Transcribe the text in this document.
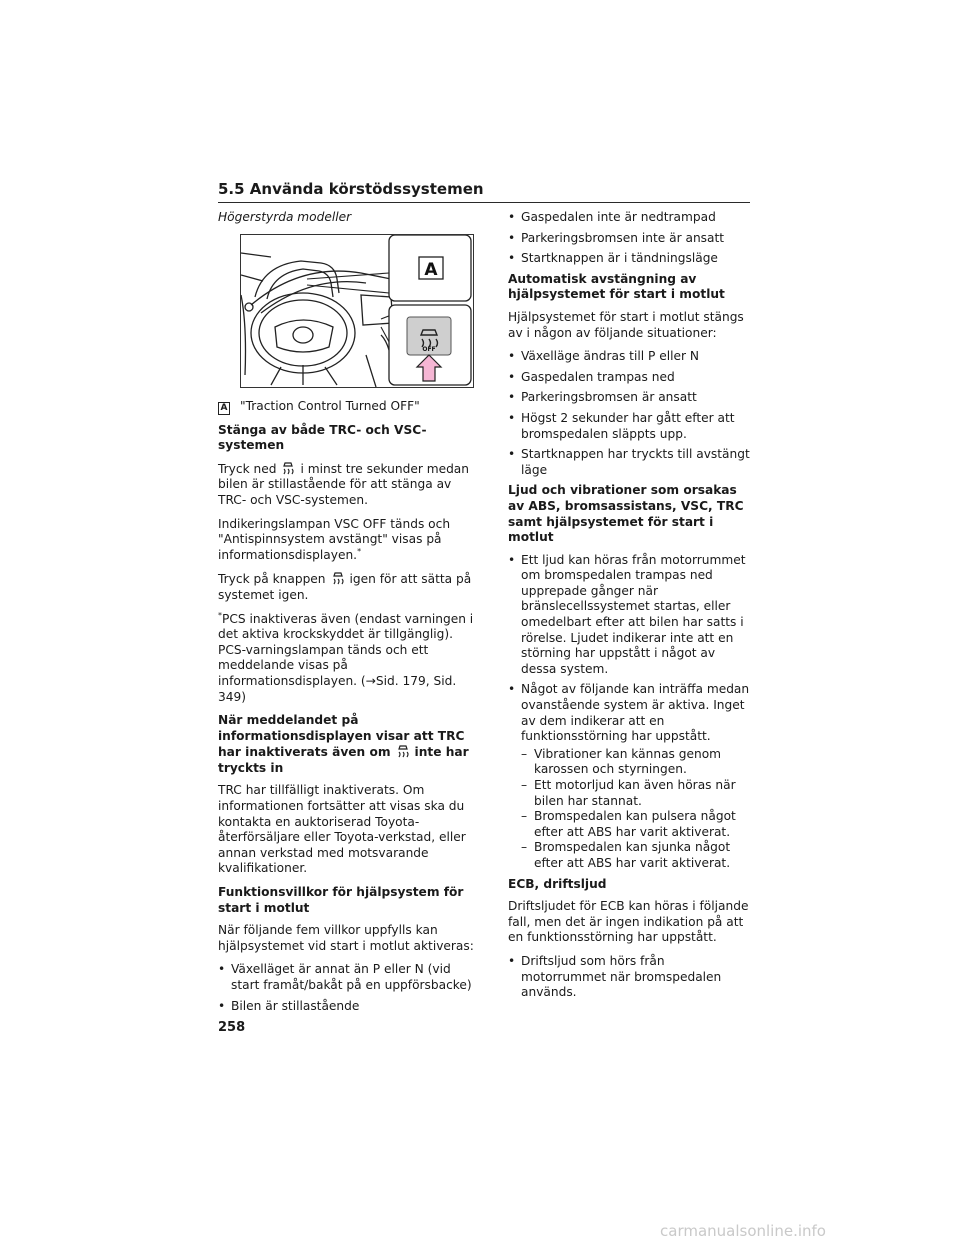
5.5 Använda körstödssystemen

Högerstyrda modeller

A
OFF

A "Traction Control Turned OFF"

Stänga av både TRC- och VSC-systemen

Tryck ned i minst tre sekunder medan bilen är stillastående för att stänga av TRC- och VSC-systemen.

Indikeringslampan VSC OFF tänds och "Antispinnsystem avstängt" visas på informationsdisplayen.*

Tryck på knappen igen för att sätta på systemet igen.

*PCS inaktiveras även (endast varningen i det aktiva krockskyddet är tillgänglig). PCS-varningslampan tänds och ett meddelande visas på informationsdisplayen. (→Sid. 179, Sid. 349)

När meddelandet på informationsdisplayen visar att TRC har inaktiverats även om inte har tryckts in

TRC har tillfälligt inaktiverats. Om informationen fortsätter att visas ska du kontakta en auktoriserad Toyota-återförsäljare eller Toyota-verkstad, eller annan verkstad med motsvarande kvalifikationer.

Funktionsvillkor för hjälpsystem för start i motlut

När följande fem villkor uppfylls kan hjälpsystemet vid start i motlut aktiveras:

• Växelläget är annat än P eller N (vid start framåt/bakåt på en uppförsbacke)
• Bilen är stillastående
• Gaspedalen inte är nedtrampad
• Parkeringsbromsen inte är ansatt
• Startknappen är i tändningsläge

Automatisk avstängning av hjälpsystemet för start i motlut

Hjälpsystemet för start i motlut stängs av i någon av följande situationer:

• Växelläge ändras till P eller N
• Gaspedalen trampas ned
• Parkeringsbromsen är ansatt
• Högst 2 sekunder har gått efter att bromspedalen släppts upp.
• Startknappen har tryckts till avstängt läge

Ljud och vibrationer som orsakas av ABS, bromsassistans, VSC, TRC samt hjälpsystemet för start i motlut

• Ett ljud kan höras från motorrummet om bromspedalen trampas ned upprepade gånger när bränslecellssystemet startas, eller omedelbart efter att bilen har satts i rörelse. Ljudet indikerar inte att en störning har uppstått i något av dessa system.
• Något av följande kan inträffa medan ovanstående system är aktiva. Inget av dem indikerar att en funktionsstörning har uppstått.
– Vibrationer kan kännas genom karossen och styrningen.
– Ett motorljud kan även höras när bilen har stannat.
– Bromspedalen kan pulsera något efter att ABS har varit aktiverat.
– Bromspedalen kan sjunka något efter att ABS har varit aktiverat.

ECB, driftsljud

Driftsljudet för ECB kan höras i följande fall, men det är ingen indikation på att en funktionsstörning har uppstått.

• Driftsljud som hörs från motorrummet när bromspedalen används.
258
carmanualsonline.info
